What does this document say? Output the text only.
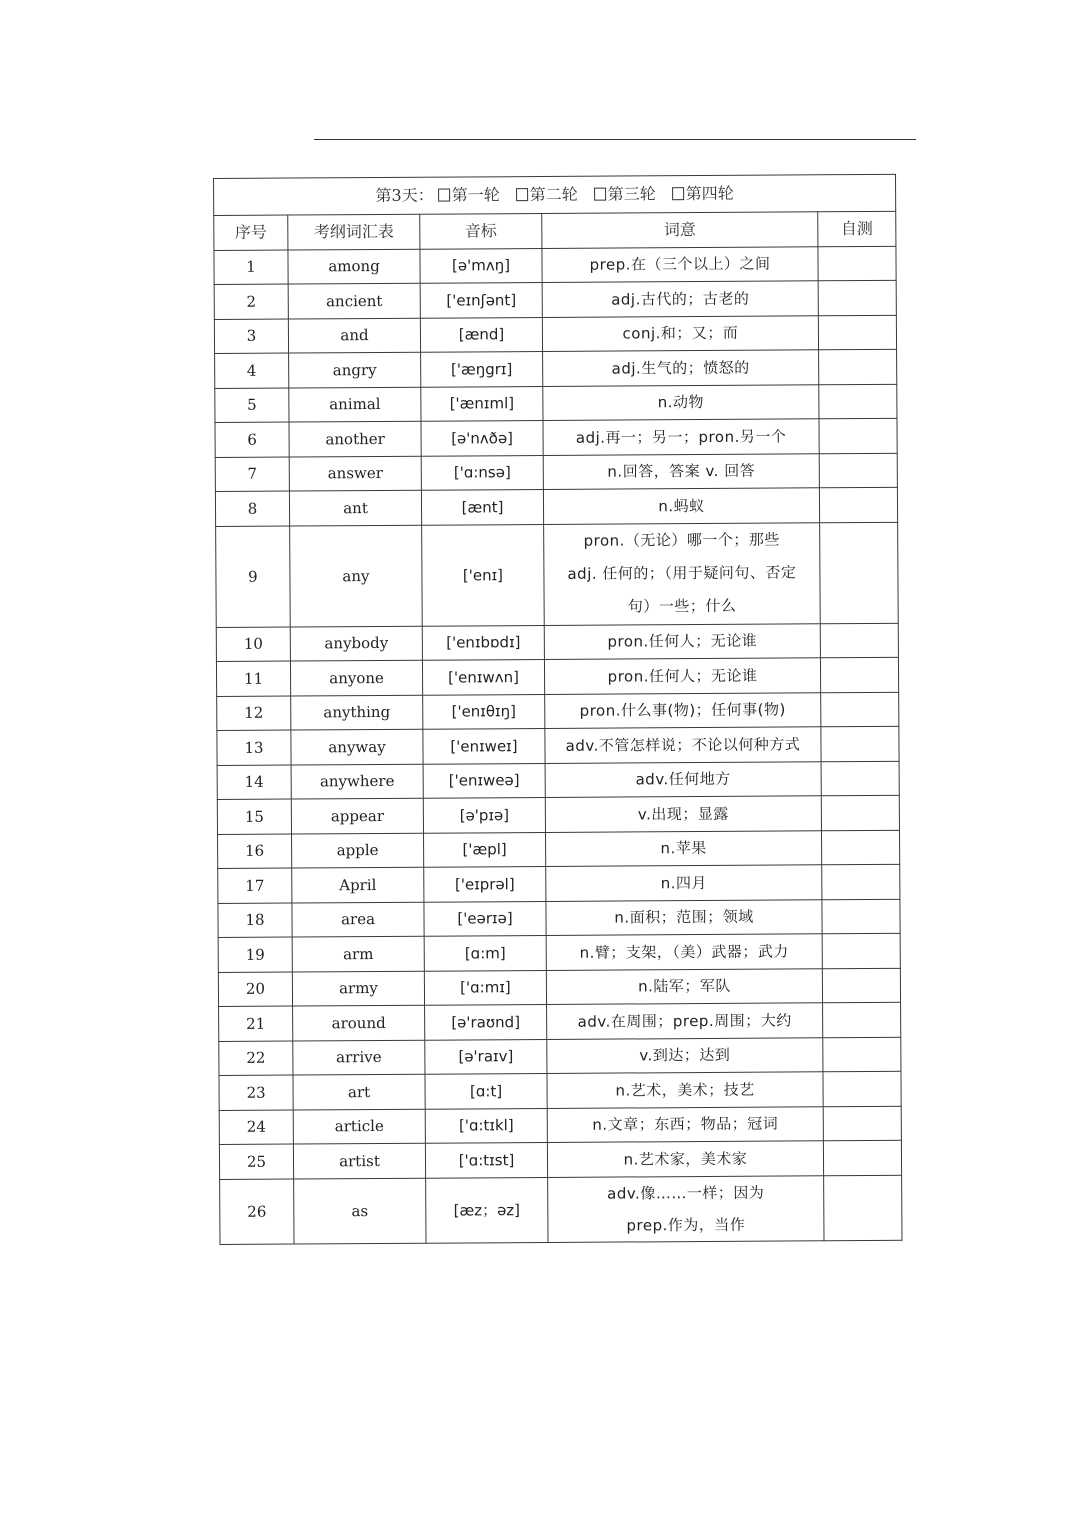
第3天： 第一轮 第二轮 第三轮 第四轮				
序号	考纲词汇表	音标	词意	自测
1	among	[ə'mʌŋ]	prep.在（三个以上）之间	
2	ancient	['eɪnʃənt]	adj.古代的；古老的	
3	and	[ænd]	conj.和；又；而	
4	angry	['æŋgrɪ]	adj.生气的；愤怒的	
5	animal	['ænɪml]	n.动物	
6	another	[ə'nʌðə]	adj.再一；另一；pron.另一个	
7	answer	['ɑ:nsə]	n.回答，答案 v. 回答	
8	ant	[ænt]	n.蚂蚁	
9	any	['enɪ]	pron.（无论）哪一个；那些
adj. 任何的；（用于疑问句、否定
句）一些；什么	

10	anybody	['enɪbɒdɪ]	pron.任何人；无论谁	
11	anyone	['enɪwʌn]	pron.任何人；无论谁	
12	anything	['enɪθɪŋ]	pron.什么事(物)；任何事(物)	
13	anyway	['enɪweɪ]	adv.不管怎样说；不论以何种方式	
14	anywhere	['enɪweə]	adv.任何地方	
15	appear	[ə'pɪə]	v.出现；显露	
16	apple	['æpl]	n.苹果	
17	April	['eɪprəl]	n.四月	
18	area	['eərɪə]	n.面积；范围；领域	
19	arm	[ɑ:m]	n.臂；支架，（美）武器；武力	
20	army	['ɑ:mɪ]	n.陆军；军队	
21	around	[ə'raʊnd]	adv.在周围；prep.周围；大约	
22	arrive	[ə'raɪv]	v.到达；达到	
23	art	[ɑ:t]	n.艺术，美术；技艺	
24	article	['ɑ:tɪkl]	n.文章；东西；物品；冠词	
25	artist	['ɑ:tɪst]	n.艺术家，美术家	
26	as	[æz；əz]	adv.像……一样；因为
prep.作为，当作	
